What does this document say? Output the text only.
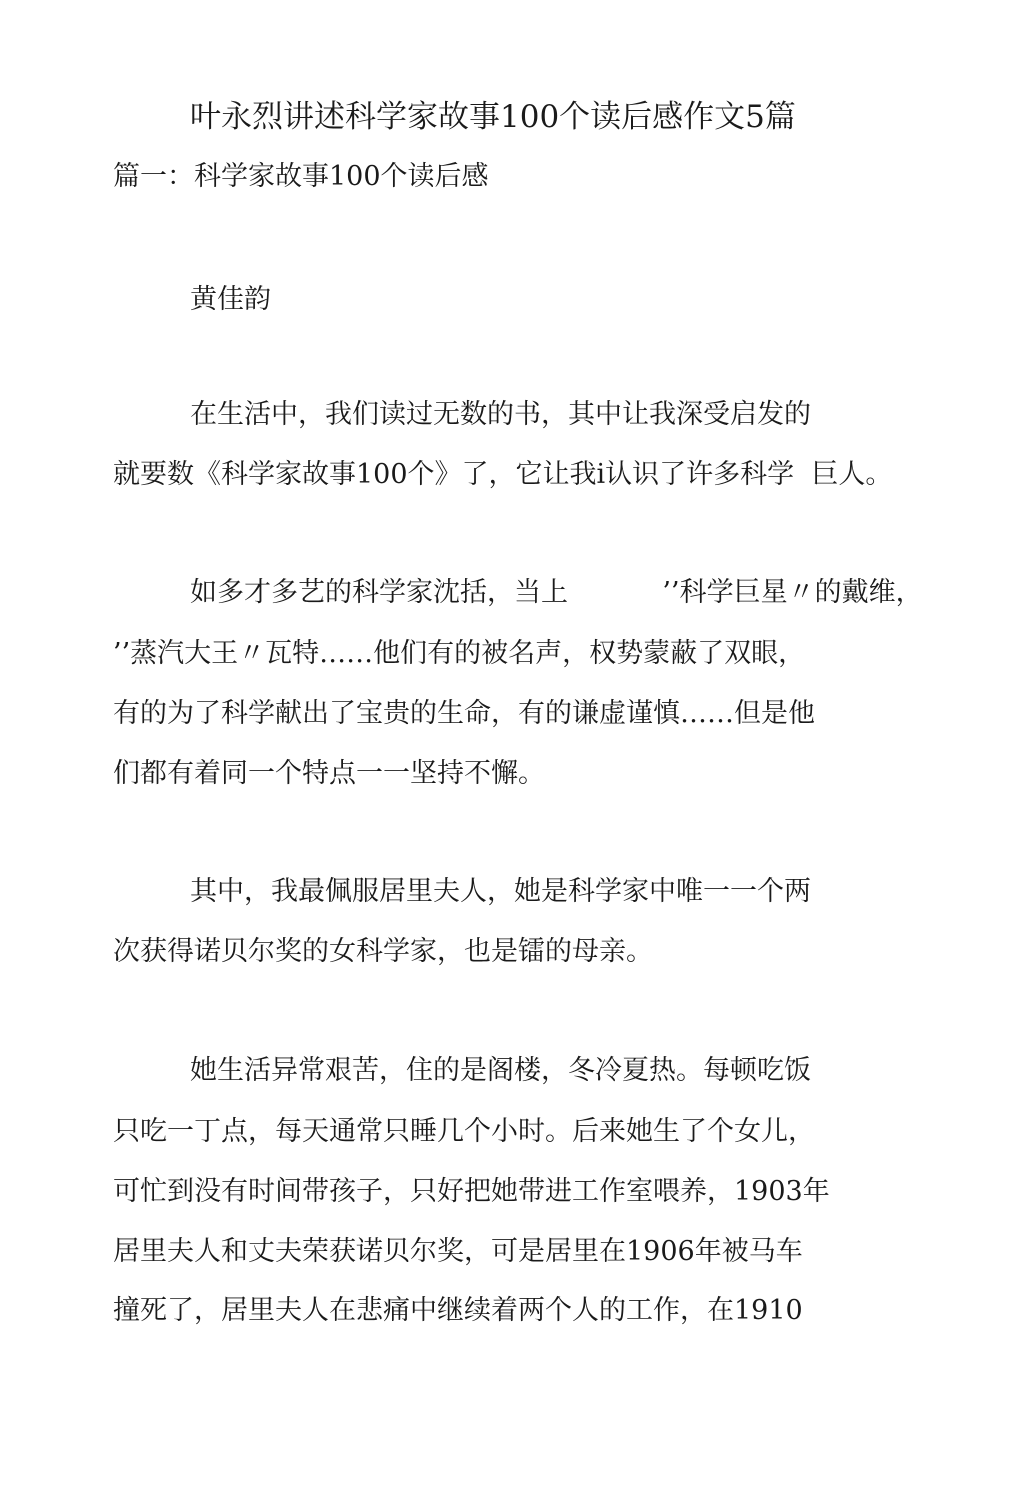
叶永烈讲述科学家故事100个读后感作文5篇
篇一：科学家故事100个读后感
黄佳韵
在生活中，我们读过无数的书，其中让我深受启发的
就要数《科学家故事100个》了，它让我i认识了许多科学  巨人。
如多才多艺的科学家沈括，当上           ’’科学巨星〃的戴维，
’’蒸汽大王〃瓦特……他们有的被名声，权势蒙蔽了双眼，
有的为了科学献出了宝贵的生命，有的谦虚谨慎……但是他
们都有着同一个特点一一坚持不懈。
其中，我最佩服居里夫人，她是科学家中唯一一个两
次获得诺贝尔奖的女科学家，也是镭的母亲。
她生活异常艰苦，住的是阁楼，冬冷夏热。每顿吃饭
只吃一丁点，每天通常只睡几个小时。后来她生了个女儿，
可忙到没有时间带孩子，只好把她带进工作室喂养，1903年
居里夫人和丈夫荣获诺贝尔奖，可是居里在1906年被马车
撞死了，居里夫人在悲痛中继续着两个人的工作，在1910
